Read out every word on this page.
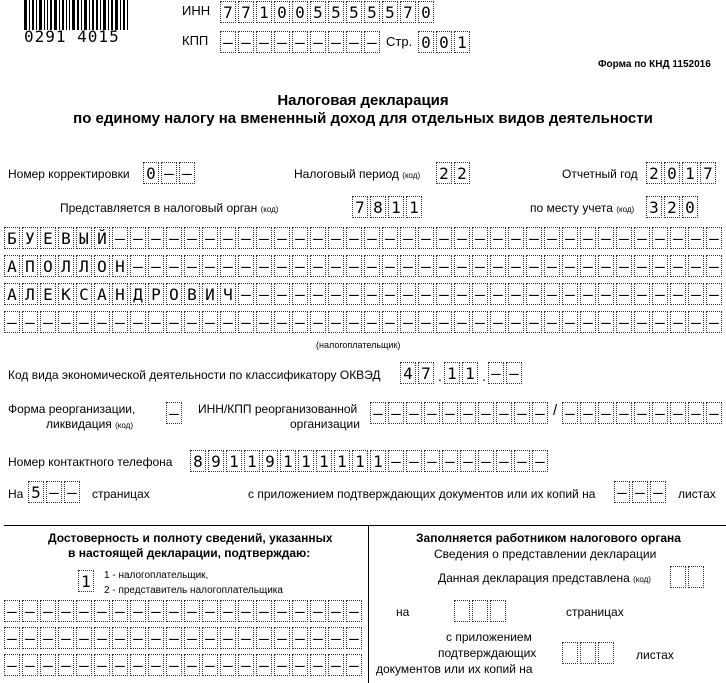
0291 4015
ИНН 7 7 1 0 0 5 5 5 5 5 7 0
КПП – – – – – – – – – Стр. 0 0 1
Форма по КНД 1152016
Налоговая декларация
по единому налогу на вмененный доход для отдельных видов деятельности
Номер корректировки 0 – –	Налоговый период (код) 2 2	Отчетный год 2 0 1 7
Представляется в налоговый орган (код)	7 8 1 1	по месту учета (код) 3 2 0
Б У Е В Ы Й – – – – – – – – – – – – – – – – – – – – – – – – – – – – – – – – – –
А П О Л Л О Н – – – – – – – – – – – – – – – – – – – – – – – – – – – – – – – – –
А Л Е К С А Н Д Р О В И Ч – – – – – – – – – – – – – – – – – – – – – – – – – – –
– – – – – – – – – – – – – – – – – – – – – – – – – – – – – – – – – – – – – – – –
(налогоплательщик)
Код вида экономической деятельности по классификатору ОКВЭД 4 7 . 1 1 . – –
Форма реорганизации,
ликвидация (код)
– ИНН/КПП реорганизованной
организации
– – – – – – – – – – / – – – – – – – – –
Номер контактного телефона 8 9 1 1 9 1 1 1 1 1 1 – – – – – – – – –
На 5 – – страницах	с приложением подтверждающих документов или их копий на – – – листах
Достоверность и полноту сведений, указанных
в настоящей декларации, подтверждаю:
1	1 - налогоплательщик,
2 - представитель налогоплательщика
– – – – – – – – – – – – – – – – – – – –
– – – – – – – – – – – – – – – – – – – –
– – – – – – – – – – – – – – – – – – – –
Заполняется работником налогового органа
Сведения о представлении декларации
Данная декларация представлена (код)
на	страницах
с приложением
подтверждающих
документов или их копий на
листах
